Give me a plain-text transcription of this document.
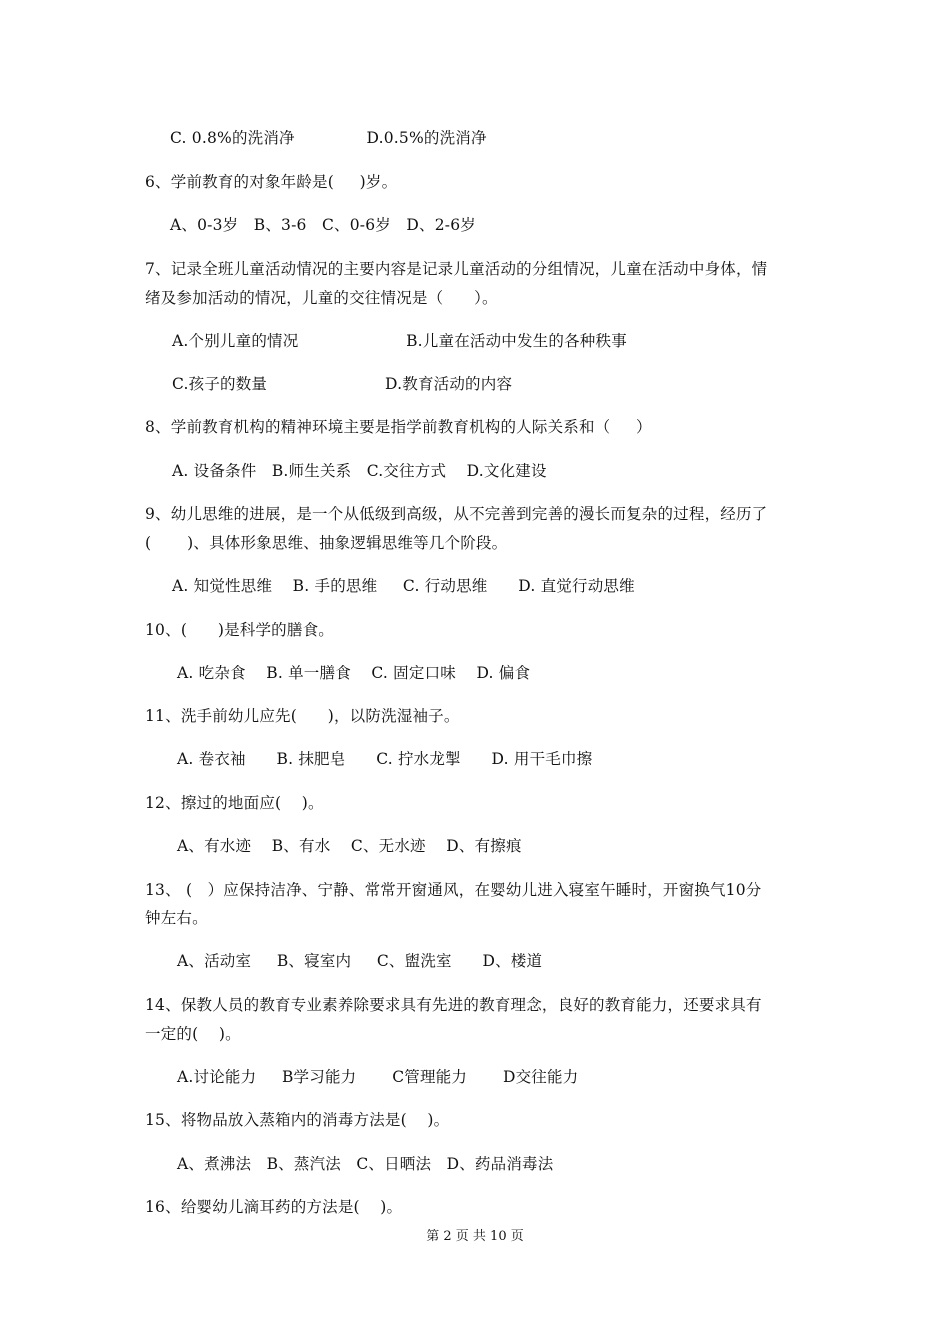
C. 0.8%的洗消净              D.0.5%的洗消净
6、学前教育的对象年龄是(     )岁。
A、0-3岁   B、3-6   C、0-6岁   D、2-6岁
7、记录全班儿童活动情况的主要内容是记录儿童活动的分组情况，儿童在活动中身体，情
绪及参加活动的情况，儿童的交往情况是（      ）。
A.个别儿童的情况                     B.儿童在活动中发生的各种秩事
C.孩子的数量                       D.教育活动的内容
8、学前教育机构的精神环境主要是指学前教育机构的人际关系和（     ）
A. 设备条件   B.师生关系   C.交往方式    D.文化建设
9、幼儿思维的进展，是一个从低级到高级，从不完善到完善的漫长而复杂的过程，经历了
(       )、具体形象思维、抽象逻辑思维等几个阶段。
A. 知觉性思维    B. 手的思维     C. 行动思维      D. 直觉行动思维
10、(      )是科学的膳食。
A. 吃杂食    B. 单一膳食    C. 固定口味    D. 偏食
11、洗手前幼儿应先(      )，以防洗湿袖子。
A. 卷衣袖      B. 抹肥皂      C. 拧水龙掣      D. 用干毛巾擦
12、擦过的地面应(    )。
A、有水迹    B、有水    C、无水迹    D、有擦痕
13、 (   ）应保持洁净、宁静、常常开窗通风，在婴幼儿进入寝室午睡时，开窗换气10分
钟左右。
A、活动室     B、寝室内     C、盥洗室      D、楼道
14、保教人员的教育专业素养除要求具有先进的教育理念，良好的教育能力，还要求具有
一定的(    )。
A.讨论能力     B学习能力       C管理能力       D交往能力
15、将物品放入蒸箱内的消毒方法是(    )。
A、煮沸法   B、蒸汽法   C、日晒法   D、药品消毒法
16、给婴幼儿滴耳药的方法是(    )。
第 2 页 共 10 页
